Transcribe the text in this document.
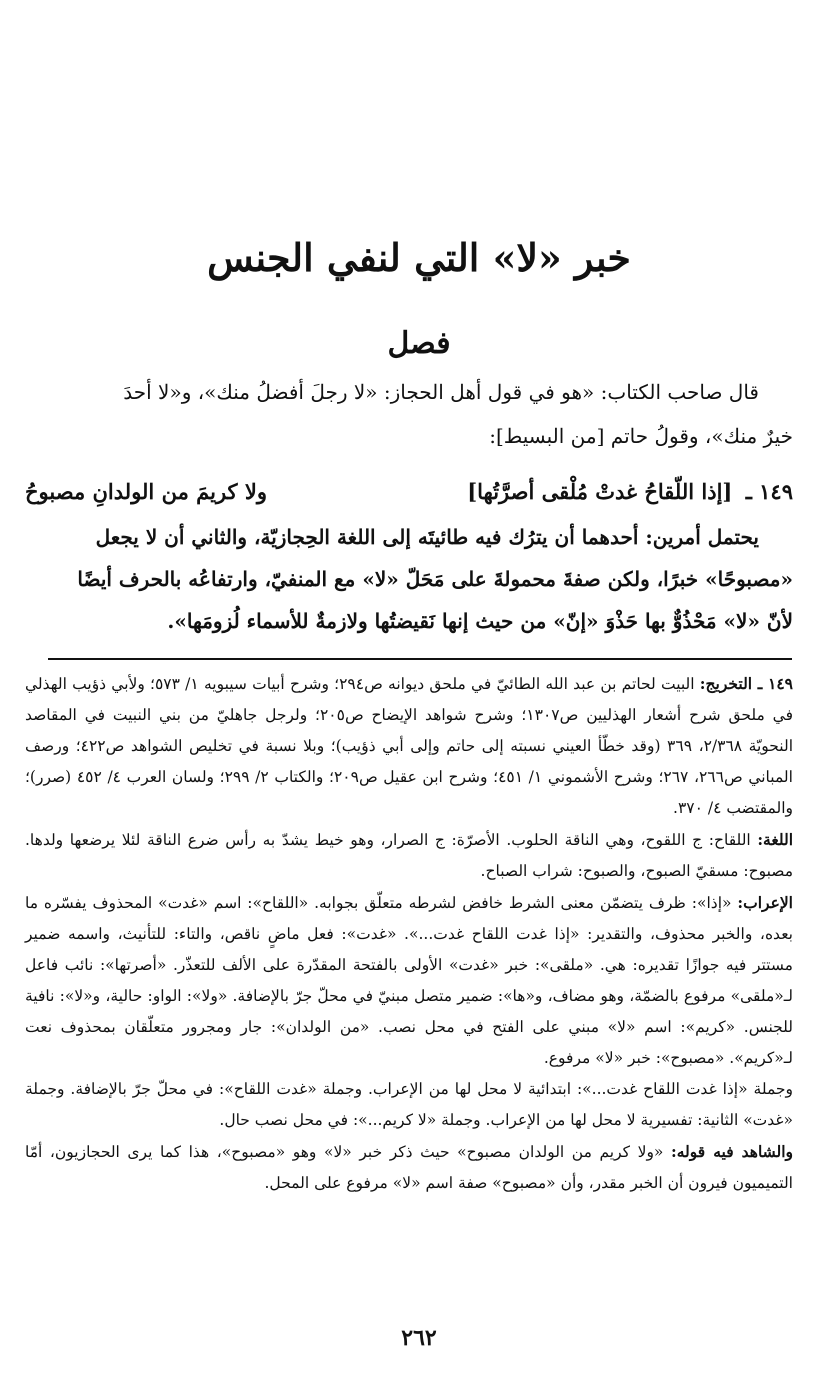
خبر «لا» التي لنفي الجنس
فصل

قال صاحب الكتاب: «هو في قول أهل الحجاز: «لا رجلَ أفضلُ منك»، و«لا أحدَ

خيرٌ منك»، وقولُ حاتم [من البسيط]:

١٤٩ ـ [إذا اللّقاحُ غدتْ مُلْقى أصرَّتُها]
ولا كريمَ من الولدانِ مصبوحُ

يحتمل أمرين: أحدهما أن يترُك فيه طائيتَه إلى اللغة الحِجازيّة، والثاني أن لا يجعل

«مصبوحًا» خبرًا، ولكن صفةَ محمولةَ على مَحَلّ «لا» مع المنفيّ، وارتفاعُه بالحرف أيضًا

لأنّ «لا» مَحْذُوٌّ بها حَذْوَ «إنّ» من حيث إنها نَقيضتُها ولازمةٌ للأسماء لُزومَها».

١٤٩ ـ التخريج: البيت لحاتم بن عبد الله الطائيّ في ملحق ديوانه ص٢٩٤؛ وشرح أبيات سيبويه ١/ ٥٧٣؛ ولأبي ذؤيب الهذلي في ملحق شرح أشعار الهذليين ص١٣٠٧؛ وشرح شواهد الإيضاح ص٢٠٥؛ ولرجل جاهليّ من بني النبيت في المقاصد النحويّة ٢/٣٦٨، ٣٦٩ (وقد خطّأ العيني نسبته إلى حاتم وإلى أبي ذؤيب)؛ وبلا نسبة في تخليص الشواهد ص٤٢٢؛ ورصف المباني ص٢٦٦، ٢٦٧؛ وشرح الأشموني ١/ ٤٥١؛ وشرح ابن عقيل ص٢٠٩؛ والكتاب ٢/ ٢٩٩؛ ولسان العرب ٤/ ٤٥٢ (صرر)؛ والمقتضب ٤/ ٣٧٠.

اللغة: اللقاح: ج اللقوح، وهي الناقة الحلوب. الأصرّة: ج الصرار، وهو خيط يشدّ به رأس ضرع الناقة لئلا يرضعها ولدها. مصبوح: مسقيّ الصبوح، والصبوح: شراب الصباح.

الإعراب: «إذا»: ظرف يتضمّن معنى الشرط خافض لشرطه متعلّق بجوابه. «اللقاح»: اسم «غدت» المحذوف يفسّره ما بعده، والخبر محذوف، والتقدير: «إذا غدت اللقاح غدت...». «غدت»: فعل ماضٍ ناقص، والتاء: للتأنيث، واسمه ضمير مستتر فيه جوازًا تقديره: هي. «ملقى»: خبر «غدت» الأولى بالفتحة المقدّرة على الألف للتعذّر. «أصرتها»: نائب فاعل لـ«ملقى» مرفوع بالضمّة، وهو مضاف، و«ها»: ضمير متصل مبنيّ في محلّ جرّ بالإضافة. «ولا»: الواو: حالية، و«لا»: نافية للجنس. «كريم»: اسم «لا» مبني على الفتح في محل نصب. «من الولدان»: جار ومجرور متعلّقان بمحذوف نعت لـ«كريم». «مصبوح»: خبر «لا» مرفوع.

وجملة «إذا غدت اللقاح غدت...»: ابتدائية لا محل لها من الإعراب. وجملة «غدت اللقاح»: في محلّ جرّ بالإضافة. وجملة «غدت» الثانية: تفسيرية لا محل لها من الإعراب. وجملة «لا كريم...»: في محل نصب حال.

والشاهد فيه قوله: «ولا كريم من الولدان مصبوح» حيث ذكر خبر «لا» وهو «مصبوح»، هذا كما يرى الحجازيون، أمّا التميميون فيرون أن الخبر مقدر، وأن «مصبوح» صفة اسم «لا» مرفوع على المحل.

٢٦٢
